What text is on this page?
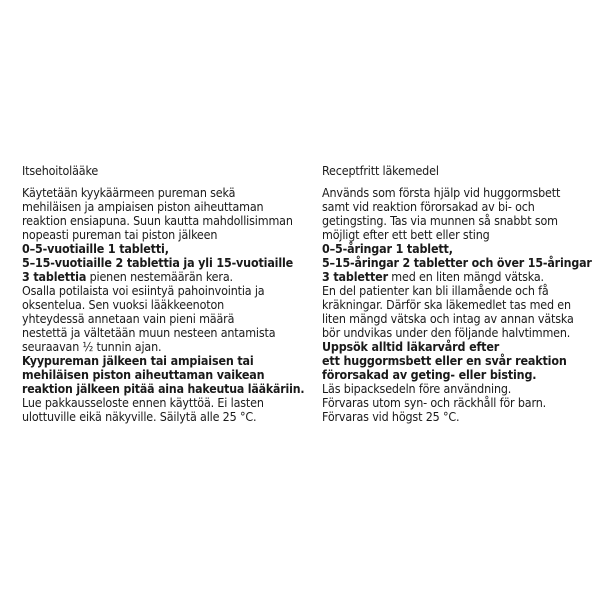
Itsehoitolääke

Käytetään kyykäärmeen pureman sekä

mehiläisen ja ampiaisen piston aiheuttaman

reaktion ensiapuna. Suun kautta mahdollisimman

nopeasti pureman tai piston jälkeen

0–5-vuotiaille 1 tabletti,

5–15-vuotiaille 2 tablettia ja yli 15-vuotiaille

3 tablettia pienen nestemäärän kera.

Osalla potilaista voi esiintyä pahoinvointia ja

oksentelua. Sen vuoksi lääkkeenoton

yhteydessä annetaan vain pieni määrä

nestettä ja vältetään muun nesteen antamista

seuraavan ½ tunnin ajan.

Kyypureman jälkeen tai ampiaisen tai

mehiläisen piston aiheuttaman vaikean

reaktion jälkeen pitää aina hakeutua lääkäriin.

Lue pakkausseloste ennen käyttöä. Ei lasten

ulottuville eikä näkyville. Säilytä alle 25 °C.

Receptfritt läkemedel

Används som första hjälp vid huggormsbett

samt vid reaktion förorsakad av bi- och

getingsting. Tas via munnen så snabbt som

möjligt efter ett bett eller sting

0–5-åringar 1 tablett,

5–15-åringar 2 tabletter och över 15-åringar

3 tabletter med en liten mängd vätska.

En del patienter kan bli illamående och få

kräkningar. Därför ska läkemedlet tas med en

liten mängd vätska och intag av annan vätska

bör undvikas under den följande halvtimmen.

Uppsök alltid läkarvård efter

ett huggormsbett eller en svår reaktion

förorsakad av geting- eller bisting.

Läs bipacksedeln före användning.

Förvaras utom syn- och räckhåll för barn.

Förvaras vid högst 25 °C.
